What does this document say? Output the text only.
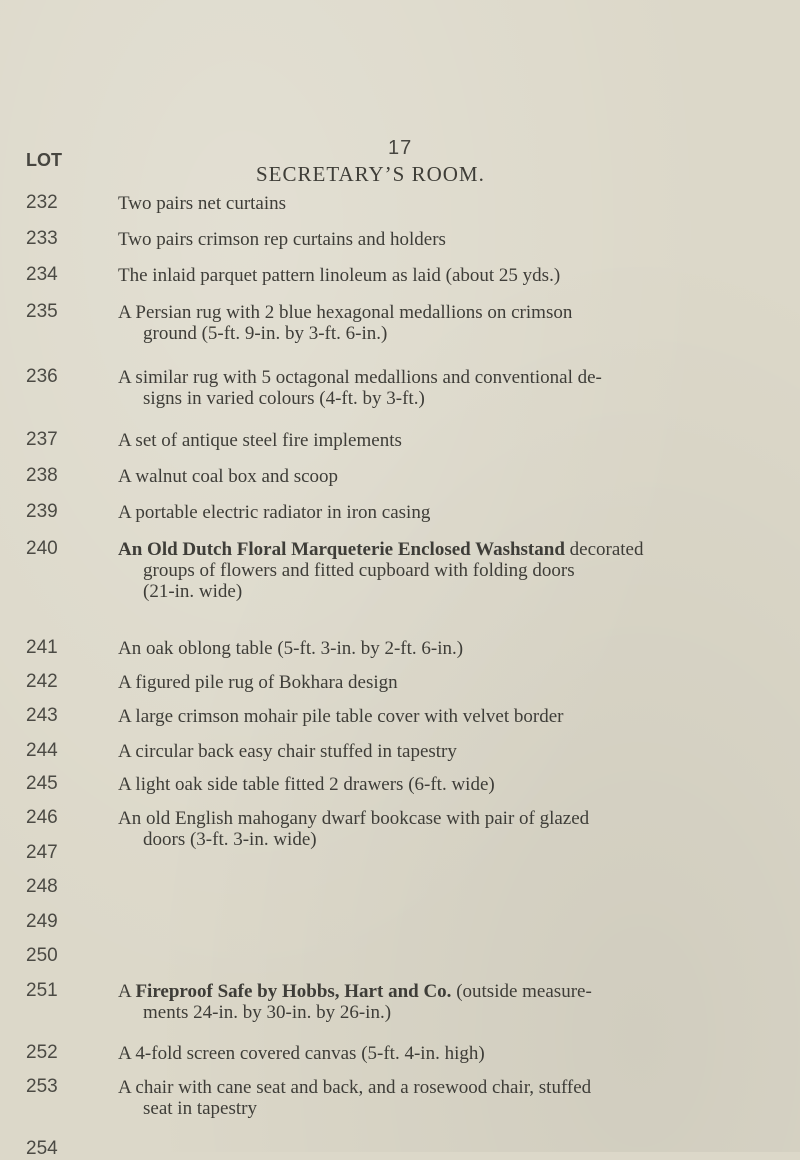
17
LOT
SECRETARY’S ROOM.
232
233
234
235
236
237
238
239
240
241
242
243
244
245
246
247
248
249
250
251
252
253
254
Two pairs net curtains
Two pairs crimson rep curtains and holders
The inlaid parquet pattern linoleum as laid (about 25 yds.)
A Persian rug with 2 blue hexagonal medallions on crimson
ground (5-ft. 9-in. by 3-ft. 6-in.)
A similar rug with 5 octagonal medallions and conventional de-
signs in varied colours (4-ft. by 3-ft.)
A set of antique steel fire implements
A walnut coal box and scoop
A portable electric radiator in iron casing
An Old Dutch Floral Marqueterie Enclosed Washstand decorated
groups of flowers and fitted cupboard with folding doors
(21-in. wide)
An oak oblong table (5-ft. 3-in. by 2-ft. 6-in.)
A figured pile rug of Bokhara design
A large crimson mohair pile table cover with velvet border
A circular back easy chair stuffed in tapestry
A light oak side table fitted 2 drawers (6-ft. wide)
An old English mahogany dwarf bookcase with pair of glazed
doors (3-ft. 3-in. wide)
A Fireproof Safe by Hobbs, Hart and Co. (outside measure-
ments 24-in. by 30-in. by 26-in.)
A 4-fold screen covered canvas (5-ft. 4-in. high)
A chair with cane seat and back, and a rosewood chair, stuffed
seat in tapestry
